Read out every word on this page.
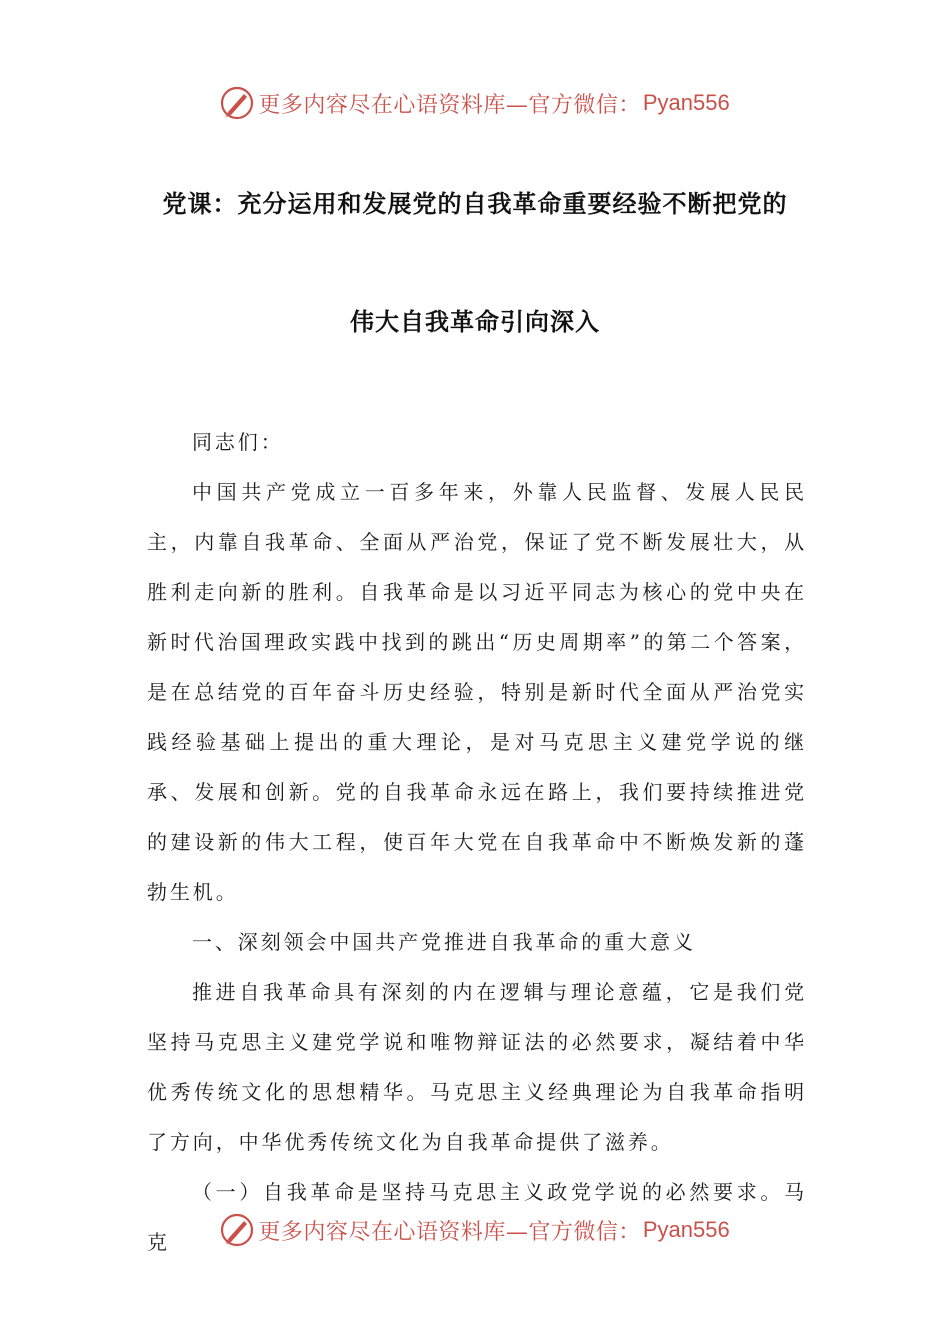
更多内容尽在心语资料库—官方微信： Pyan556
党课：充分运用和发展党的自我革命重要经验不断把党的
伟大自我革命引向深入

同志们：

中国共产党成立一百多年来，外靠人民监督、发展人民民主，内靠自我革命、全面从严治党，保证了党不断发展壮大，从胜利走向新的胜利。自我革命是以习近平同志为核心的党中央在新时代治国理政实践中找到的跳出“历史周期率”的第二个答案，是在总结党的百年奋斗历史经验，特别是新时代全面从严治党实践经验基础上提出的重大理论，是对马克思主义建党学说的继承、发展和创新。党的自我革命永远在路上，我们要持续推进党的建设新的伟大工程，使百年大党在自我革命中不断焕发新的蓬勃生机。

一、深刻领会中国共产党推进自我革命的重大意义

推进自我革命具有深刻的内在逻辑与理论意蕴，它是我们党坚持马克思主义建党学说和唯物辩证法的必然要求，凝结着中华优秀传统文化的思想精华。马克思主义经典理论为自我革命指明了方向，中华优秀传统文化为自我革命提供了滋养。

（一）自我革命是坚持马克思主义政党学说的必然要求。马克	更多内容尽在心语资料库—官方微信： Pyan556
